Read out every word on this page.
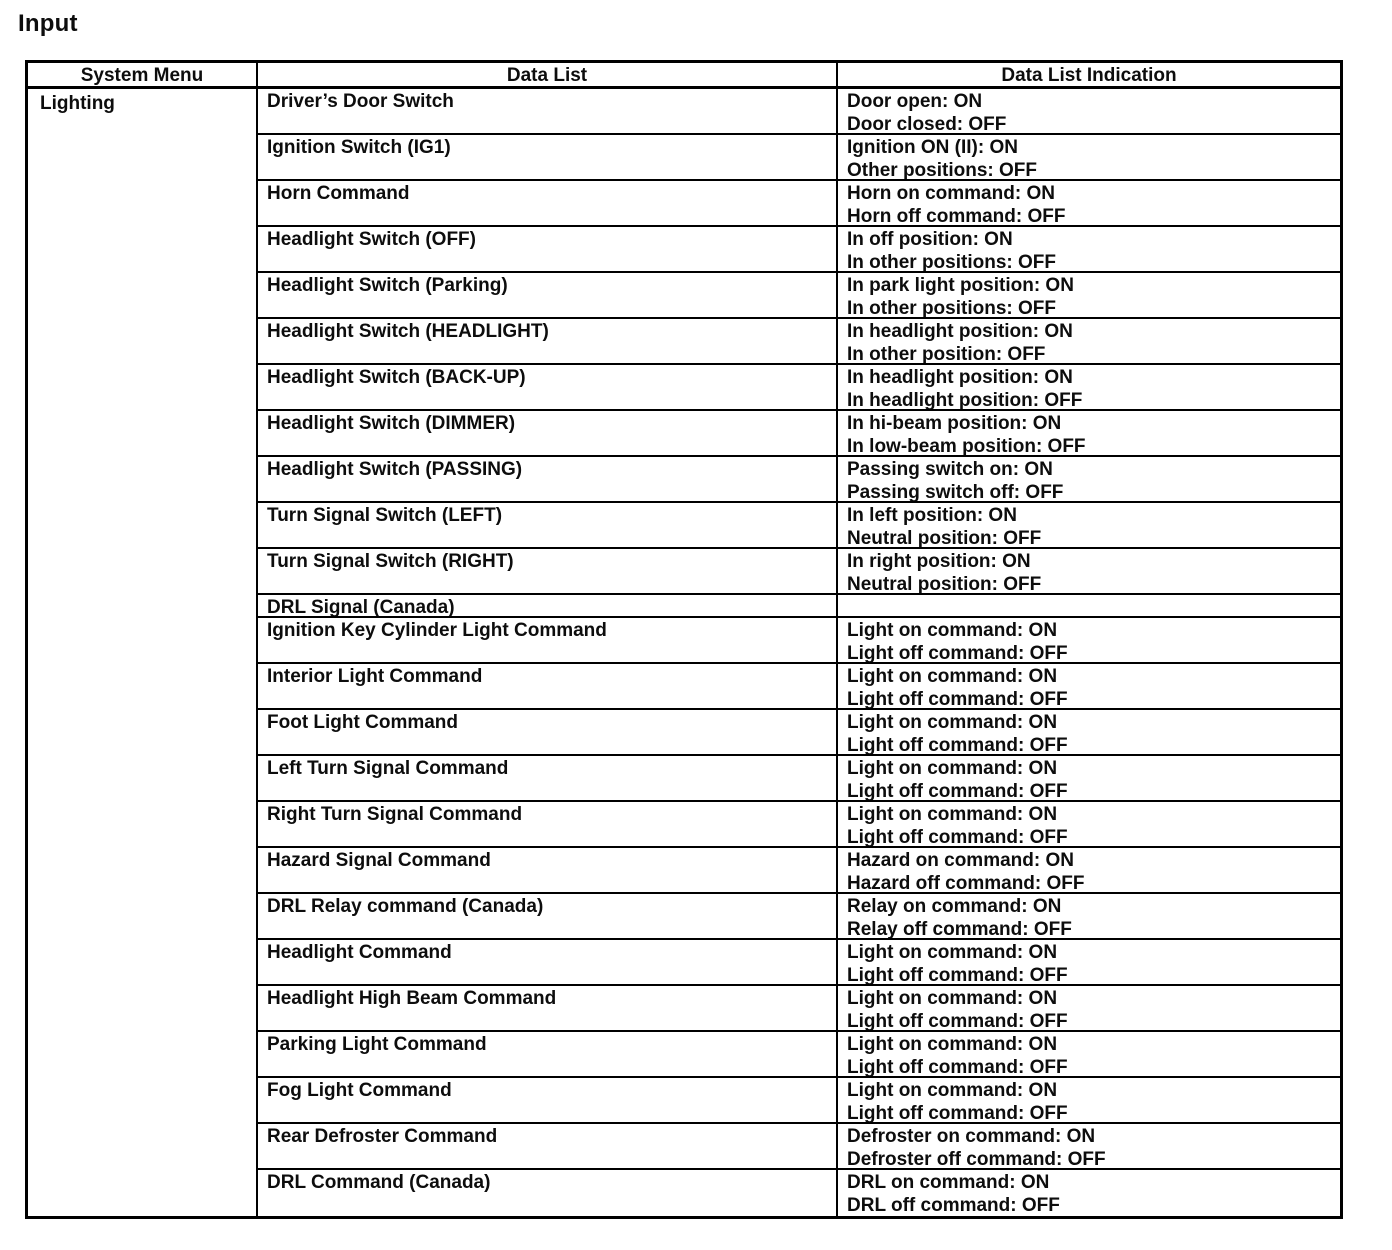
Input
System Menu	Data List	Data List Indication
Lighting	Driver’s Door Switch	Door open: ON
Door closed: OFF
Ignition Switch (IG1)	Ignition ON (II): ON
Other positions: OFF
Horn Command	Horn on command: ON
Horn off command: OFF
Headlight Switch (OFF)	In off position: ON
In other positions: OFF
Headlight Switch (Parking)	In park light position: ON
In other positions: OFF
Headlight Switch (HEADLIGHT)	In headlight position: ON
In other position: OFF
Headlight Switch (BACK-UP)	In headlight position: ON
In headlight position: OFF
Headlight Switch (DIMMER)	In hi-beam position: ON
In low-beam position: OFF
Headlight Switch (PASSING)	Passing switch on: ON
Passing switch off: OFF
Turn Signal Switch (LEFT)	In left position: ON
Neutral position: OFF
Turn Signal Switch (RIGHT)	In right position: ON
Neutral position: OFF
DRL Signal (Canada)
Ignition Key Cylinder Light Command	Light on command: ON
Light off command: OFF
Interior Light Command	Light on command: ON
Light off command: OFF
Foot Light Command	Light on command: ON
Light off command: OFF
Left Turn Signal Command	Light on command: ON
Light off command: OFF
Right Turn Signal Command	Light on command: ON
Light off command: OFF
Hazard Signal Command	Hazard on command: ON
Hazard off command: OFF
DRL Relay command (Canada)	Relay on command: ON
Relay off command: OFF
Headlight Command	Light on command: ON
Light off command: OFF
Headlight High Beam Command	Light on command: ON
Light off command: OFF
Parking Light Command	Light on command: ON
Light off command: OFF
Fog Light Command	Light on command: ON
Light off command: OFF
Rear Defroster Command	Defroster on command: ON
Defroster off command: OFF
DRL Command (Canada)	DRL on command: ON
DRL off command: OFF
